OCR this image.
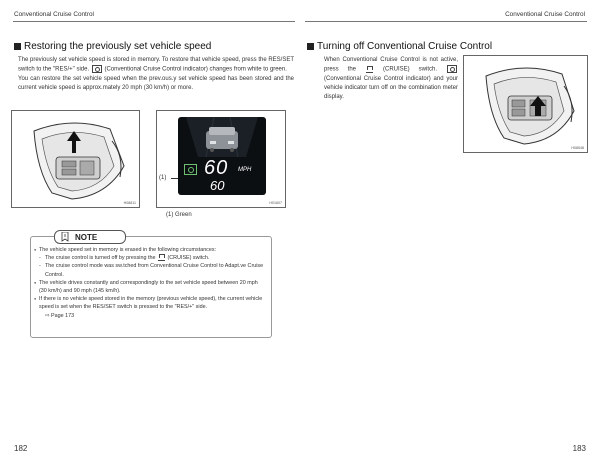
Conventional Cruise Control	Conventional Cruise Control
Restoring the previously set vehicle speed

The previously set vehicle speed is stored in memory. To restore that vehicle speed, press the RES/SET switch to the "RES/+" side.	(Conventional Cruise Control indicator) changes from white to green.

You can restore the set vehicle speed when the prev.ous.y set vehicle speed has been stored and the current vehicle speed is approx.mately 20 mph (30 km/h) or more.

H08811
(1) 60 MPH
60
H01607
(1) Green
NOTE
● The vehicle speed set in memory is erased in the following circumstances:
- The cruise control is turned off by pressing the (CRUISE) switch.
- The cruise control mode was sw.tched from Conventional Cruise Control to Adapt.ve Cruise Control.
● The vehicle drives constantly and correspondingly to the set vehicle speed between 20 mph (30 km/h) and 90 mph (145 km/h).
● If there is no vehicle speed stored in the memory (previous vehicle speed), the current vehicle speed is set when the RES/SET switch is pressed to the "RES/+" side.
⇨ Page 173
Turning off Conventional Cruise Control

When Conventional Cruise Control is not active, press the	(CRUISE) switch.  (Conventional Cruise Control indicator) and your vehicle indicator turn off on the combination meter display.

H08548
182	183
